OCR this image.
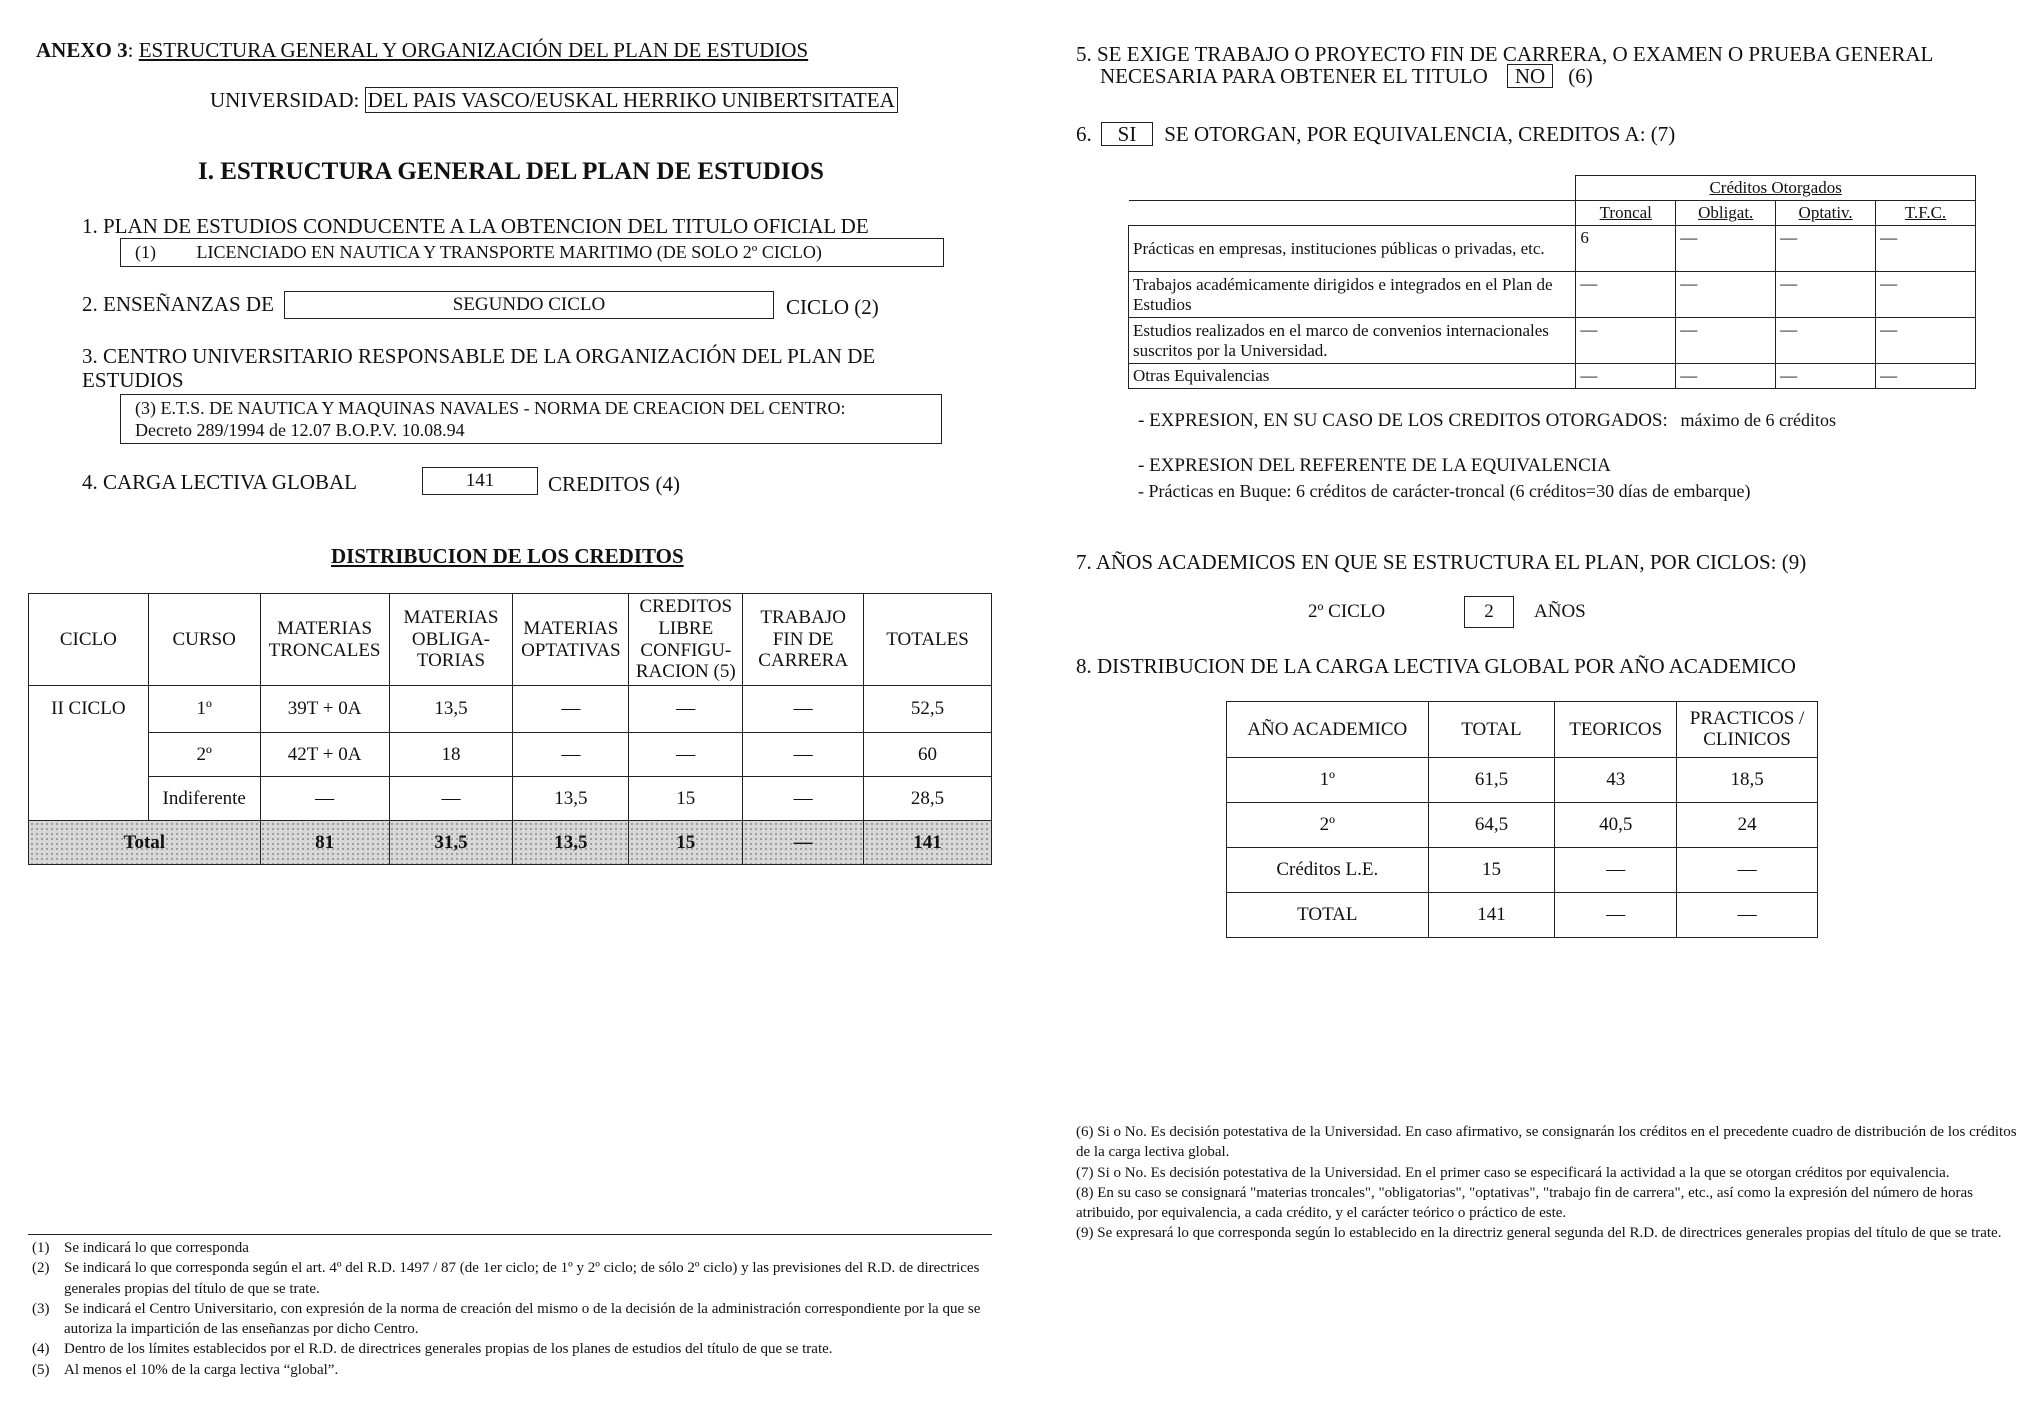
ANEXO 3: ESTRUCTURA GENERAL Y ORGANIZACIÓN DEL PLAN DE ESTUDIOS
UNIVERSIDAD: DEL PAIS VASCO/EUSKAL HERRIKO UNIBERTSITATEA
I. ESTRUCTURA GENERAL DEL PLAN DE ESTUDIOS
1. PLAN DE ESTUDIOS CONDUCENTE A LA OBTENCION DEL TITULO OFICIAL DE
(1) LICENCIADO EN NAUTICA Y TRANSPORTE MARITIMO (DE SOLO 2º CICLO)
2. ENSEÑANZAS DE	SEGUNDO CICLO	CICLO (2)
3. CENTRO UNIVERSITARIO RESPONSABLE DE LA ORGANIZACIÓN DEL PLAN DE
ESTUDIOS
(3) E.T.S. DE NAUTICA Y MAQUINAS NAVALES - NORMA DE CREACION DEL CENTRO:
Decreto 289/1994 de 12.07 B.O.P.V. 10.08.94
4. CARGA LECTIVA GLOBAL	141	CREDITOS (4)
DISTRIBUCION DE LOS CREDITOS
CICLO	CURSO	MATERIAS TRONCALES	MATERIAS OBLIGA-TORIAS	MATERIAS OPTATIVAS	CREDITOS LIBRE CONFIGU-RACION (5)	TRABAJO FIN DE CARRERA	TOTALES
II CICLO	1º	39T + 0A	13,5	—	—	—	52,5
	2º	42T + 0A	18	—	—	—	60
	Indiferente	—	—	13,5	15	—	28,5
Total		81	31,5	13,5	15	—	141
(1) Se indicará lo que corresponda
(2) Se indicará lo que corresponda según el art. 4º del R.D. 1497 / 87 (de 1er ciclo; de 1º y 2º ciclo; de sólo 2º ciclo) y las previsiones del R.D. de directrices generales propias del título de que se trate.
(3) Se indicará el Centro Universitario, con expresión de la norma de creación del mismo o de la decisión de la administración correspondiente por la que se autoriza la impartición de las enseñanzas por dicho Centro.
(4) Dentro de los límites establecidos por el R.D. de directrices generales propias de los planes de estudios del título de que se trate.
(5) Al menos el 10% de la carga lectiva “global”.
5. SE EXIGE TRABAJO O PROYECTO FIN DE CARRERA, O EXAMEN O PRUEBA GENERAL
NECESARIA PARA OBTENER EL TITULO NO (6)
6. SI SE OTORGAN, POR EQUIVALENCIA, CREDITOS A: (7)
	Créditos Otorgados			
	Troncal	Obligat.	Optativ.	T.F.C.
Prácticas en empresas, instituciones públicas o privadas, etc.	6	—	—	—
Trabajos académicamente dirigidos e integrados en el Plan de Estudios	—	—	—	—
Estudios realizados en el marco de convenios internacionales suscritos por la Universidad.	—	—	—	—
Otras Equivalencias	—	—	—	—
- EXPRESION, EN SU CASO DE LOS CREDITOS OTORGADOS: máximo de 6 créditos
- EXPRESION DEL REFERENTE DE LA EQUIVALENCIA
- Prácticas en Buque: 6 créditos de carácter-troncal (6 créditos=30 días de embarque)
7. AÑOS ACADEMICOS EN QUE SE ESTRUCTURA EL PLAN, POR CICLOS: (9)
2º CICLO	2	AÑOS
8. DISTRIBUCION DE LA CARGA LECTIVA GLOBAL POR AÑO ACADEMICO
AÑO ACADEMICO	TOTAL	TEORICOS	PRACTICOS / CLINICOS
1º	61,5	43	18,5
2º	64,5	40,5	24
Créditos L.E.	15	—	—
TOTAL	141	—	—
(6) Si o No. Es decisión potestativa de la Universidad. En caso afirmativo, se consignarán los créditos en el precedente cuadro de distribución de los créditos de la carga lectiva global.
(7) Si o No. Es decisión potestativa de la Universidad. En el primer caso se especificará la actividad a la que se otorgan créditos por equivalencia.
(8) En su caso se consignará "materias troncales", "obligatorias", "optativas", "trabajo fin de carrera", etc., así como la expresión del número de horas atribuido, por equivalencia, a cada crédito, y el carácter teórico o práctico de este.
(9) Se expresará lo que corresponda según lo establecido en la directriz general segunda del R.D. de directrices generales propias del título de que se trate.
